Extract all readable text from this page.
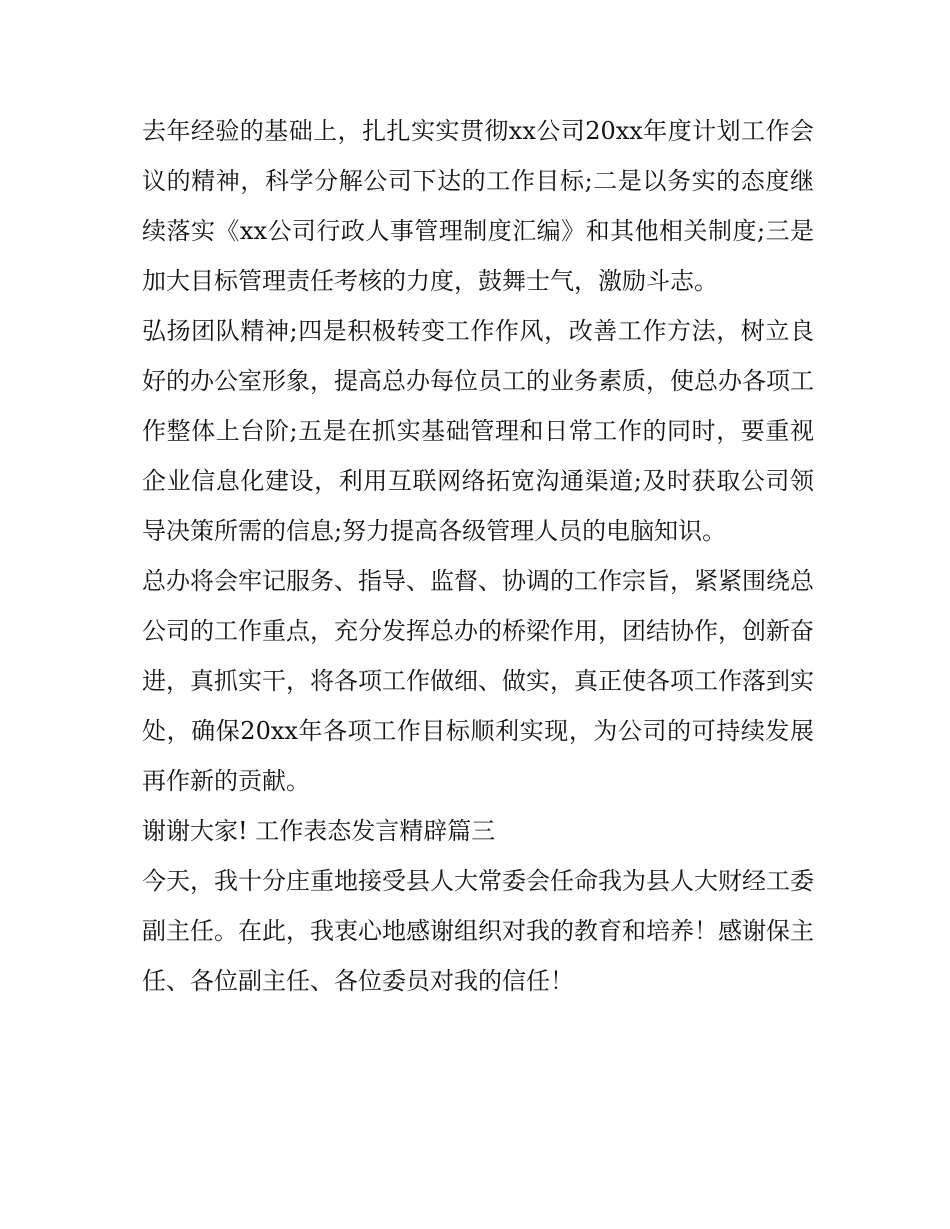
去年经验的基础上，扎扎实实贯彻xx公司20xx年度计划工作会议的精神，科学分解公司下达的工作目标;二是以务实的态度继续落实《xx公司行政人事管理制度汇编》和其他相关制度;三是加大目标管理责任考核的力度，鼓舞士气，激励斗志。

弘扬团队精神;四是积极转变工作作风，改善工作方法，树立良好的办公室形象，提高总办每位员工的业务素质，使总办各项工作整体上台阶;五是在抓实基础管理和日常工作的同时，要重视企业信息化建设，利用互联网络拓宽沟通渠道;及时获取公司领导决策所需的信息;努力提高各级管理人员的电脑知识。

总办将会牢记服务、指导、监督、协调的工作宗旨，紧紧围绕总公司的工作重点，充分发挥总办的桥梁作用，团结协作，创新奋进，真抓实干，将各项工作做细、做实，真正使各项工作落到实处，确保20xx年各项工作目标顺利实现，为公司的可持续发展再作新的贡献。

谢谢大家! 工作表态发言精辟篇三

今天，我十分庄重地接受县人大常委会任命我为县人大财经工委副主任。在此，我衷心地感谢组织对我的教育和培养！感谢保主任、各位副主任、各位委员对我的信任！
